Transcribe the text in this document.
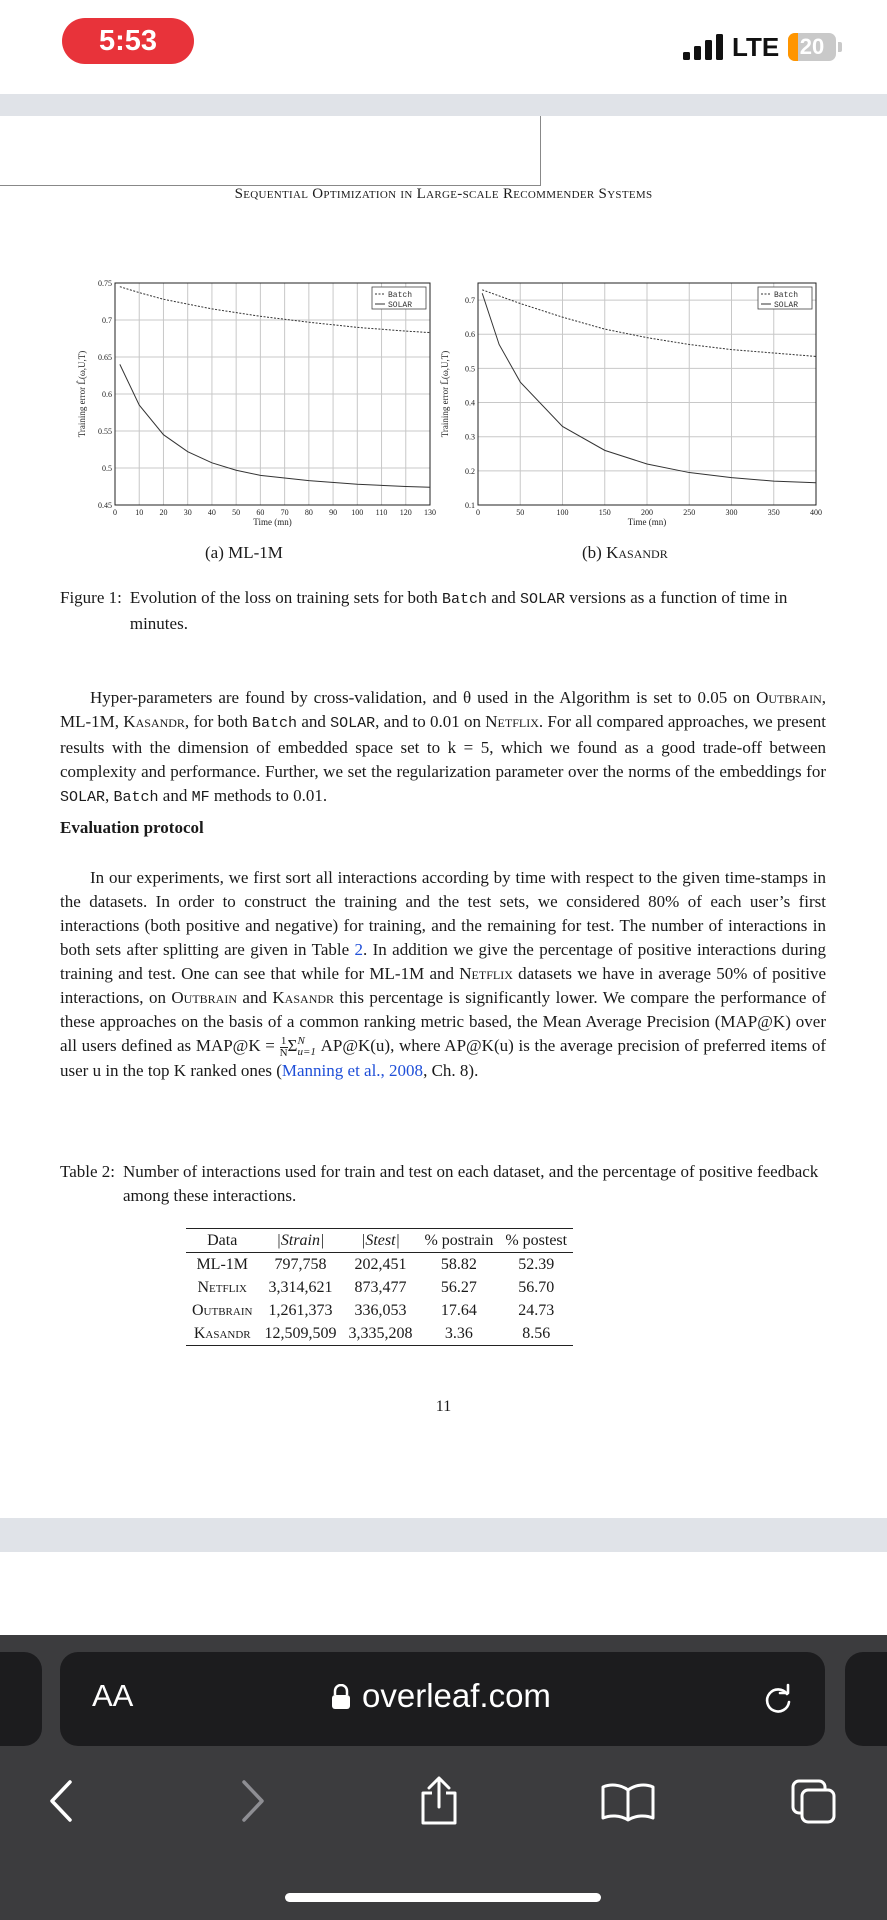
5:53	LTE 20
Sequential Optimization in Large-scale Recommender Systems
0 10 20 30 40 50 60 70 80 90 100 110 120 130
0.45
0.5
0.55
0.6
0.65
0.7
0.75
Time (mn)
Training error L̂(ω,U,T)
Batch
SOLAR
0	50	100	150	200	250	300	350	400
0.1
0.2
0.3
0.4
0.5
0.6
0.7
Time (mn)
Training error L̂(ω,U,T)
Batch
SOLAR
(a) ML-1M	(b) Kasandr
Figure 1: Evolution of the loss on training sets for both Batch and SOLAR versions as a function of time in minutes.
Hyper-parameters are found by cross-validation, and θ used in the Algorithm is set to 0.05 on Outbrain, ML-1M, Kasandr, for both Batch and SOLAR, and to 0.01 on Netflix. For all compared approaches, we present results with the dimension of embedded space set to k = 5, which we found as a good trade-off between complexity and performance. Further, we set the regularization parameter over the norms of the embeddings for SOLAR, Batch and MF methods to 0.01.
Evaluation protocol
In our experiments, we first sort all interactions according by time with respect to the given time-stamps in the datasets. In order to construct the training and the test sets, we considered 80% of each user’s first interactions (both positive and negative) for training, and the remaining for test. The number of interactions in both sets after splitting are given in Table 2. In addition we give the percentage of positive interactions during training and test. One can see that while for ML-1M and Netflix datasets we have in average 50% of positive interactions, on Outbrain and Kasandr this percentage is significantly lower. We compare the performance of these approaches on the basis of a common ranking metric based, the Mean Average Precision (MAP@K) over all users defined as MAP@K = $\frac{1}{N}$ Σ N
u=1 AP@K(u), where AP@K(u) is the average precision of preferred items of user u in the top K ranked ones (Manning et al., 2008, Ch. 8).
Table 2: Number of interactions used for train and test on each dataset, and the percentage of positive feedback among these interactions.
Data	|Strain|	|Stest|	% postrain	% postest
ML-1M	797,758	202,451	58.82	52.39
Netflix	3,314,621	873,477	56.27	56.70
Outbrain	1,261,373	336,053	17.64	24.73
Kasandr	12,509,509	3,335,208	3.36	8.56
11
AA	overleaf.com
